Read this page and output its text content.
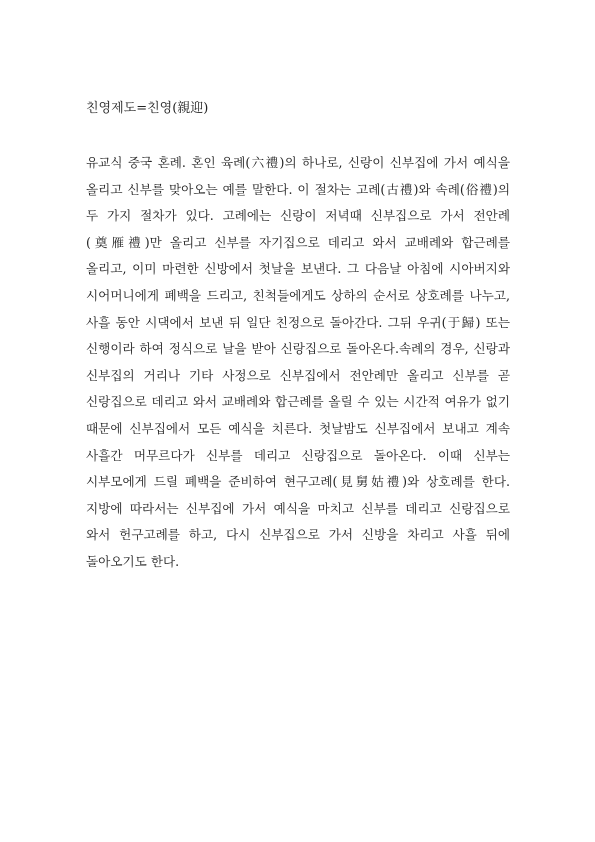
친영제도=친영(親迎)

유교식 중국 혼례. 혼인 육례(六禮)의 하나로, 신랑이 신부집에 가서 예식을 올리고 신부를 맞아오는 예를 말한다. 이 절차는 고례(古禮)와 속례(俗禮)의 두 가지 절차가 있다. 고례에는 신랑이 저녁때 신부집으로 가서 전안례(奠雁禮)만 올리고 신부를 자기집으로 데리고 와서 교배례와 합근례를 올리고, 이미 마련한 신방에서 첫날을 보낸다. 그 다음날 아침에 시아버지와 시어머니에게 폐백을 드리고, 친척들에게도 상하의 순서로 상호례를 나누고, 사흘 동안 시댁에서 보낸 뒤 일단 친정으로 돌아간다. 그뒤 우귀(于歸) 또는 신행이라 하여 정식으로 날을 받아 신랑집으로 돌아온다.속례의 경우, 신랑과 신부집의 거리나 기타 사정으로 신부집에서 전안례만 올리고 신부를 곧 신랑집으로 데리고 와서 교배례와 합근례를 올릴 수 있는 시간적 여유가 없기 때문에 신부집에서 모든 예식을 치른다. 첫날밤도 신부집에서 보내고 계속 사흘간 머무르다가 신부를 데리고 신랑집으로 돌아온다. 이때 신부는 시부모에게 드릴 폐백을 준비하여 현구고례(見舅姑禮)와 상호례를 한다. 지방에 따라서는 신부집에 가서 예식을 마치고 신부를 데리고 신랑집으로 와서 헌구고례를 하고, 다시 신부집으로 가서 신방을 차리고 사흘 뒤에 돌아오기도 한다.
